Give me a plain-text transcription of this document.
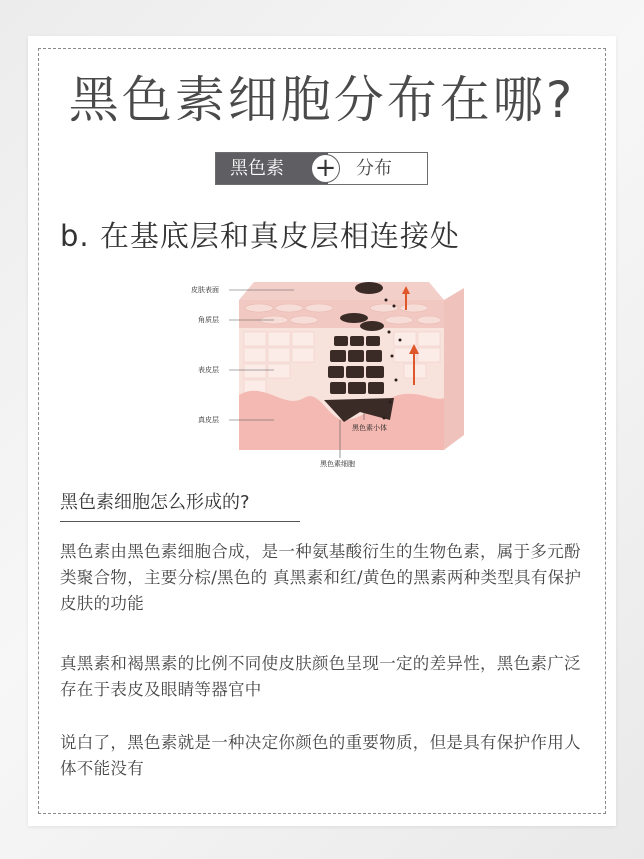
黑色素细胞分布在哪?
黑色素	+	分布
b. 在基底层和真皮层相连接处
皮肤表面
角质层
表皮层
真皮层
黑色素小体
黑色素细胞
黑色素细胞怎么形成的?

黑色素由黑色素细胞合成，是一种氨基酸衍生的生物色素，属于多元酚类聚合物，主要分棕/黑色的 真黑素和红/黄色的黑素两种类型具有保护皮肤的功能

真黑素和褐黑素的比例不同使皮肤颜色呈现一定的差异性，黑色素广泛存在于表皮及眼睛等器官中

说白了，黑色素就是一种决定你颜色的重要物质，但是具有保护作用人体不能没有
